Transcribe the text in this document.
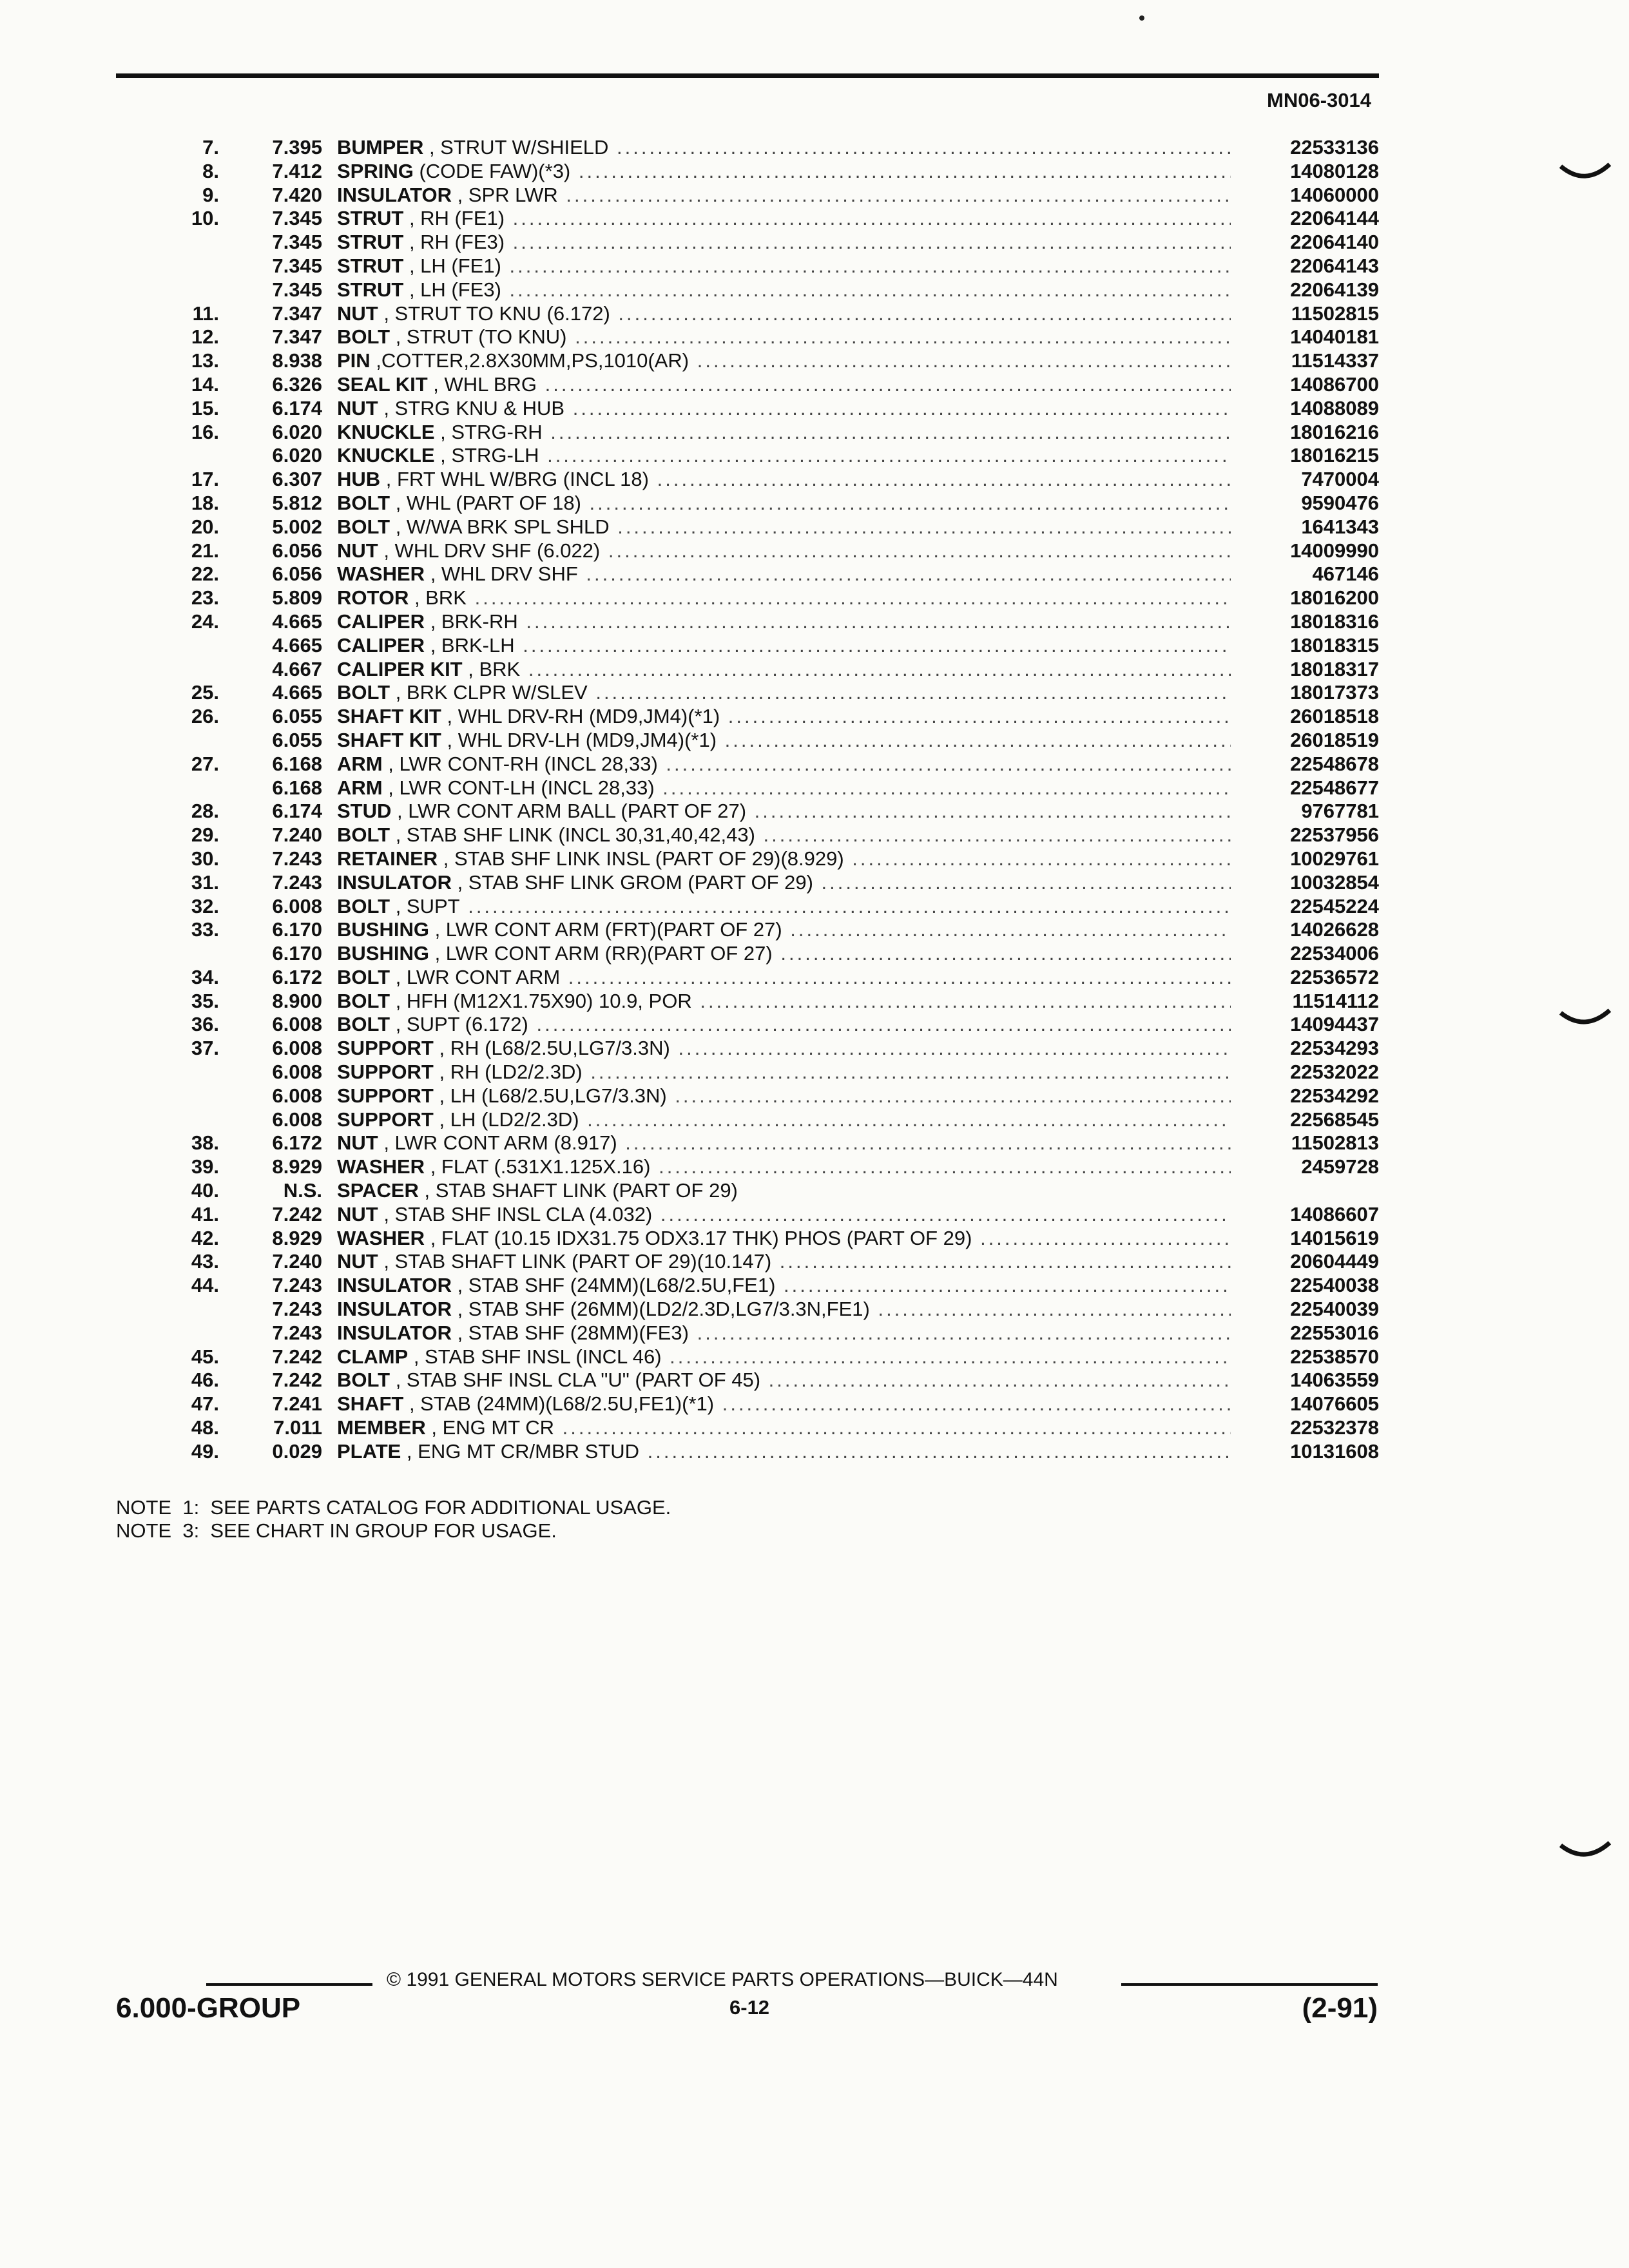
MN06-3014
7.	7.395 BUMPER , STRUT W/SHIELD .....	22533136
8.	7.412 SPRING (CODE FAW)(*3) .....	14080128
9.	7.420 INSULATOR , SPR LWR .....	14060000
10.	7.345 STRUT , RH (FE1) .....	22064144
7.345 STRUT , RH (FE3) .....	22064140
7.345 STRUT , LH (FE1) .....	22064143
7.345 STRUT , LH (FE3) .....	22064139
11.	7.347 NUT , STRUT TO KNU (6.172) .....	11502815
12.	7.347 BOLT , STRUT (TO KNU) .....	14040181
13.	8.938 PIN ,COTTER,2.8X30MM,PS,1010(AR) .....	11514337
14.	6.326 SEAL KIT , WHL BRG .....	14086700
15.	6.174 NUT , STRG KNU & HUB .....	14088089
16.	6.020 KNUCKLE , STRG-RH .....	18016216
6.020 KNUCKLE , STRG-LH .....	18016215
17.	6.307 HUB , FRT WHL W/BRG (INCL 18) .....	7470004
18.	5.812 BOLT , WHL (PART OF 18) .....	9590476
20.	5.002 BOLT , W/WA BRK SPL SHLD .....	1641343
21.	6.056 NUT , WHL DRV SHF (6.022) .....	14009990
22.	6.056 WASHER , WHL DRV SHF .....	467146
23.	5.809 ROTOR , BRK .....	18016200
24.	4.665 CALIPER , BRK-RH .....	18018316
4.665 CALIPER , BRK-LH .....	18018315
4.667 CALIPER KIT , BRK .....	18018317
25.	4.665 BOLT , BRK CLPR W/SLEV .....	18017373
26.	6.055 SHAFT KIT , WHL DRV-RH (MD9,JM4)(*1) .....	26018518
6.055 SHAFT KIT , WHL DRV-LH (MD9,JM4)(*1) .....	26018519
27.	6.168 ARM , LWR CONT-RH (INCL 28,33) .....	22548678
6.168 ARM , LWR CONT-LH (INCL 28,33) .....	22548677
28.	6.174 STUD , LWR CONT ARM BALL (PART OF 27) .....	9767781
29.	7.240 BOLT , STAB SHF LINK (INCL 30,31,40,42,43) .....	22537956
30.	7.243 RETAINER , STAB SHF LINK INSL (PART OF 29)(8.929) .....	10029761
31.	7.243 INSULATOR , STAB SHF LINK GROM (PART OF 29) .....	10032854
32.	6.008 BOLT , SUPT .....	22545224
33.	6.170 BUSHING , LWR CONT ARM (FRT)(PART OF 27) .....	14026628
6.170 BUSHING , LWR CONT ARM (RR)(PART OF 27) .....	22534006
34.	6.172 BOLT , LWR CONT ARM .....	22536572
35.	8.900 BOLT , HFH (M12X1.75X90) 10.9, POR .....	11514112
36.	6.008 BOLT , SUPT (6.172) .....	14094437
37.	6.008 SUPPORT , RH (L68/2.5U,LG7/3.3N) .....	22534293
6.008 SUPPORT , RH (LD2/2.3D) .....	22532022
6.008 SUPPORT , LH (L68/2.5U,LG7/3.3N) .....	22534292
6.008 SUPPORT , LH (LD2/2.3D) .....	22568545
38.	6.172 NUT , LWR CONT ARM (8.917) .....	11502813
39.	8.929 WASHER , FLAT (.531X1.125X.16) .....	2459728
40.	N.S. SPACER , STAB SHAFT LINK (PART OF 29)
41.	7.242 NUT , STAB SHF INSL CLA (4.032) .....	14086607
42.	8.929 WASHER , FLAT (10.15 IDX31.75 ODX3.17 THK) PHOS (PART OF 29) .....	14015619
43.	7.240 NUT , STAB SHAFT LINK (PART OF 29)(10.147) .....	20604449
44.	7.243 INSULATOR , STAB SHF (24MM)(L68/2.5U,FE1) .....	22540038
7.243 INSULATOR , STAB SHF (26MM)(LD2/2.3D,LG7/3.3N,FE1) .....	22540039
7.243 INSULATOR , STAB SHF (28MM)(FE3) .....	22553016
45.	7.242 CLAMP , STAB SHF INSL (INCL 46) .....	22538570
46.	7.242 BOLT , STAB SHF INSL CLA "U" (PART OF 45) .....	14063559
47.	7.241 SHAFT , STAB (24MM)(L68/2.5U,FE1)(*1) .....	14076605
48.	7.011 MEMBER , ENG MT CR .....	22532378
49.	0.029 PLATE , ENG MT CR/MBR STUD .....	10131608
NOTE  1:  SEE PARTS CATALOG FOR ADDITIONAL USAGE.
NOTE  3:  SEE CHART IN GROUP FOR USAGE.
© 1991 GENERAL MOTORS SERVICE PARTS OPERATIONS—BUICK—44N
6.000-GROUP	6-12	(2-91)
